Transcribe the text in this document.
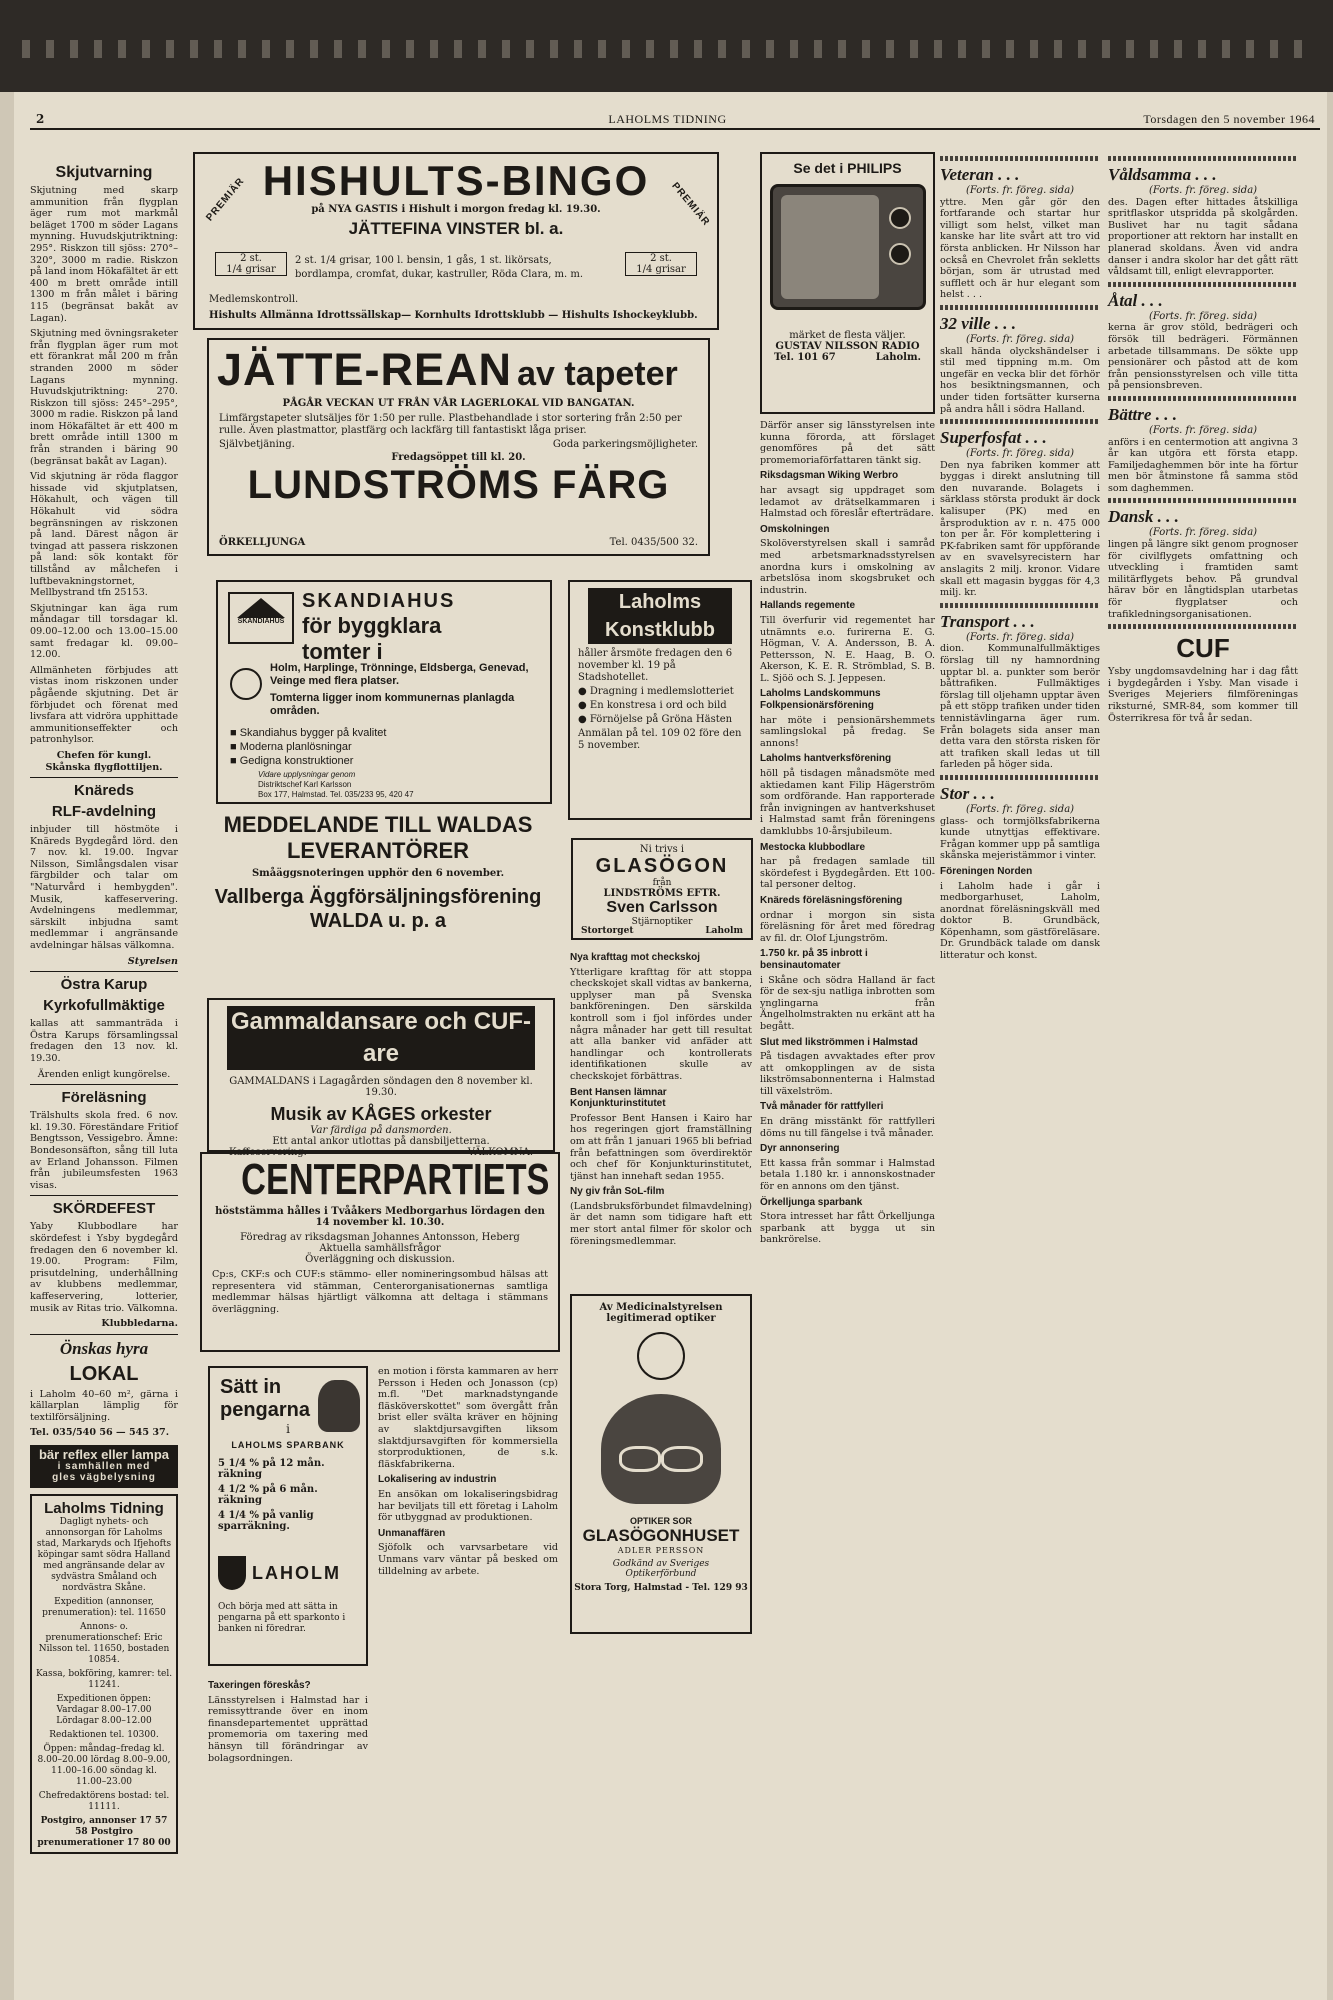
2	LAHOLMS TIDNING	Torsdagen den 5 november 1964
Skjutvarning

Skjutning med skarp ammunition från flygplan äger rum mot markmål beläget 1700 m söder Lagans mynning. Huvudskjutriktning: 295°. Riskzon till sjöss: 270°–320°, 3000 m radie. Riskzon på land inom Hökafältet är ett 400 m brett område intill 1300 m från målet i bäring 115 (begränsat bakåt av Lagan).

Skjutning med övningsraketer från flygplan äger rum mot ett förankrat mål 200 m från stranden 2000 m söder Lagans mynning. Huvudskjutriktning: 270. Riskzon till sjöss: 245°–295°, 3000 m radie. Riskzon på land inom Hökafältet är ett 400 m brett område intill 1300 m från stranden i bäring 90 (begränsat bakåt av Lagan).

Vid skjutning är röda flaggor hissade vid skjutplatsen, Hökahult, och vägen till Hökahult vid södra begränsningen av riskzonen på land. Därest någon är tvingad att passera riskzonen på land: sök kontakt för tillstånd av målchefen i luftbevakningstornet, Mellbystrand tfn 25153.

Skjutningar kan äga rum måndagar till torsdagar kl. 09.00–12.00 och 13.00–15.00 samt fredagar kl. 09.00–12.00.

Allmänheten förbjudes att vistas inom riskzonen under pågående skjutning. Det är förbjudet och förenat med livsfara att vidröra upphittade ammunitionseffekter och patronhylsor.

Chefen för kungl.
Skånska flygflottiljen.
Knäreds
RLF-avdelning

inbjuder till höstmöte i Knäreds Bygdegård lörd. den 7 nov. kl. 19.00. Ingvar Nilsson, Simlångsdalen visar färgbilder och talar om "Naturvård i hembygden". Musik, kaffeservering. Avdelningens medlemmar, särskilt inbjudna samt medlemmar i angränsande avdelningar hälsas välkomna.

Styrelsen
Östra Karup
Kyrkofullmäktige

kallas att sammanträda i Östra Karups församlingssal fredagen den 13 nov. kl. 19.30.

Ärenden enligt kungörelse.

Föreläsning

Trälshults skola fred. 6 nov. kl. 19.30. Föreständare Fritiof Bengtsson, Vessigebro. Ämne: Bondesonsäfton, sång till luta av Erland Johansson. Filmen från jubileumsfesten 1963 visas.

SKÖRDEFEST

Yaby Klubbodlare har skördefest i Ysby bygdegård fredagen den 6 november kl. 19.00. Program: Film, prisutdelning, underhållning av klubbens medlemmar, kaffeservering, lotterier, musik av Ritas trio. Välkomna.

Klubbledarna.
Önskas hyra
LOKAL

i Laholm 40–60 m², gärna i källarplan lämplig för textilförsäljning.

Tel. 035/540 56 — 545 37.

bär reflex eller lampa
i samhällen med
gles vägbelysning
Laholms Tidning
Dagligt nyhets- och annonsorgan för Laholms stad, Markaryds och Ifjehofts köpingar samt södra Halland med angränsande delar av sydvästra Småland och nordvästra Skåne.
Expedition (annonser, prenumeration): tel. 11650
Annons- o. prenumerationschef: Eric Nilsson tel. 11650, bostaden 10854.
Kassa, bokföring, kamrer: tel. 11241.
Expeditionen öppen: Vardagar 8.00–17.00 Lördagar 8.00–12.00
Redaktionen tel. 10300.
Öppen: måndag–fredag kl. 8.00–20.00 lördag 8.00–9.00, 11.00–16.00 söndag kl. 11.00–23.00
Chefredaktörens bostad: tel. 11111.
Postgiro, annonser 17 57 58 Postgiro prenumerationer 17 80 00
PREMIÄR	PREMIÄR
HISHULTS-BINGO
på NYA GASTIS i Hishult i morgon fredag kl. 19.30.
JÄTTEFINA VINSTER bl. a.
2 st.
1/4 grisar
2 st. 1/4 grisar, 100 l. bensin, 1 gås, 1 st. likörsats, bordlampa, cromfat, dukar, kastruller, Röda Clara, m. m.
2 st.
1/4 grisar
Medlemskontroll.
Hishults Allmänna Idrottssällskap— Kornhults Idrottsklubb — Hishults Ishockeyklubb.
JÄTTE-REAN av tapeter
PÅGÅR VECKAN UT FRÅN VÅR LAGERLOKAL VID BANGATAN.
Limfärgstapeter slutsäljes för 1:50 per rulle. Plastbehandlade i stor sortering från 2:50 per rulle. Även plastmattor, plastfärg och lackfärg till fantastiskt låga priser.
Självbetjäning.	Goda parkeringsmöjligheter.
Fredagsöppet till kl. 20.
LUNDSTRÖMS FÄRG
ÖRKELLJUNGA	Tel. 0435/500 32.
SKANDIAHUS
SKANDIAHUS
för byggklara
tomter i
Holm, Harplinge, Trönninge, Eldsberga, Genevad, Veinge med flera platser.
Tomterna ligger inom kommunernas planlagda områden.
■ Skandiahus bygger på kvalitet
■ Moderna planlösningar
■ Gedigna konstruktioner
Vidare upplysningar genom
Distriktschef Karl Karlsson
Box 177, Halmstad. Tel. 035/233 95, 420 47
MEDDELANDE TILL WALDAS
LEVERANTÖRER
Småäggsnoteringen upphör den 6 november.
Vallberga Äggförsäljningsförening
WALDA u. p. a
Gammaldansare och CUF-are
GAMMALDANS i Lagagården söndagen den 8 november kl. 19.30.
Musik av KÅGES orkester
Var färdiga på dansmorden.
Ett antal ankor utlottas på dansbiljetterna.
Kaffeservering.	VÄLKOMNA.
CENTERPARTIETS
höststämma hålles i Tvååkers Medborgarhus lördagen den 14 november kl. 10.30.
Föredrag av riksdagsman Johannes Antonsson, Heberg
Aktuella samhällsfrågor
Överläggning och diskussion.
Cp:s, CKF:s och CUF:s stämmo- eller nomineringsombud hälsas att representera vid stämman, Centerorganisationernas samtliga medlemmar hälsas hjärtligt välkomna att deltaga i stämmans överläggning.
Sätt in
pengarna
i
LAHOLMS SPARBANK
5 1/4 % på 12 mån. räkning
4 1/2 % på 6 mån. räkning
4 1/4 % på vanlig sparräkning.
LAHOLM
Och börja med att sätta in pengarna på ett sparkonto i banken ni föredrar.

en motion i första kammaren av herr Persson i Heden och Jonasson (cp) m.fl. "Det marknadstyngande fläsköverskottet" som övergått från brist eller svälta kräver en höjning av slaktdjursavgiften liksom slaktdjursavgiften för kommersiella storproduktionen, de s.k. fläskfabrikerna.

Lokalisering av industrin

En ansökan om lokaliseringsbidrag har beviljats till ett företag i Laholm för utbyggnad av produktionen.

Unmanaffären

Sjöfolk och varvsarbetare vid Unmans varv väntar på besked om tilldelning av arbete.

Taxeringen föreskås?

Länsstyrelsen i Halmstad har i remissyttrande över en inom finansdepartementet upprättad promemoria om taxering med hänsyn till förändringar av bolagsordningen.

Ni trivs i
GLASÖGON
från
LINDSTRÖMS EFTR.
Sven Carlsson
Stjärnoptiker
Stortorget	Laholm
Laholms Konstklubb
håller årsmöte fredagen den 6 november kl. 19 på Stadshotellet.
● Dragning i medlemslotteriet
● En konstresa i ord och bild
● Förnöjelse på Gröna Hästen
Anmälan på tel. 109 02 före den 5 november.
Nya krafttag mot checkskoj

Ytterligare krafttag för att stoppa checkskojet skall vidtas av bankerna, upplyser man på Svenska bankföreningen. Den särskilda kontroll som i fjol infördes under några månader har gett till resultat att alla banker vid anfäder att handlingar och kontrollerats identifikationen skulle av checkskojet förbättras.

Bent Hansen lämnar Konjunkturinstitutet

Professor Bent Hansen i Kairo har hos regeringen gjort framställning om att från 1 januari 1965 bli befriad från befattningen som överdirektör och chef för Konjunkturinstitutet, tjänst han innehaft sedan 1955.

Ny giv från SoL-film

(Landsbruksförbundet filmavdelning) är det namn som tidigare haft ett mer stort antal filmer för skolor och föreningsmedlemmar.

Av Medicinalstyrelsen
legitimerad optiker
OPTIKER SOR
GLASÖGONHUSET
ADLER PERSSON
Godkänd av Sveriges
Optikerförbund
Stora Torg, Halmstad - Tel. 129 93
Se det i PHILIPS
märket de flesta väljer.
GUSTAV NILSSON RADIO
Tel. 101 67	Laholm.

Därför anser sig länsstyrelsen inte kunna förorda, att förslaget genomföres på det sätt promemoriaförfattaren tänkt sig.

Riksdagsman Wiking Werbro

har avsagt sig uppdraget som ledamot av drätselkammaren i Halmstad och föreslår efterträdare.

Omskolningen

Skolöverstyrelsen skall i samråd med arbetsmarknadsstyrelsen anordna kurs i omskolning av arbetslösa inom skogsbruket och industrin.

Hallands regemente

Till överfurir vid regementet har utnämnts e.o. furirerna E. G. Högman, V. A. Andersson, B. A. Pettersson, N. E. Haag, B. O. Akerson, K. E. R. Strömblad, S. B. L. Sjöö och S. J. Jeppesen.

Laholms Landskommuns Folkpensionärsförening

har möte i pensionärshemmets samlingslokal på fredag. Se annons!

Laholms hantverksförening

höll på tisdagen månadsmöte med aktiedamen kant Filip Hägerström som ordförande. Han rapporterade från invigningen av hantverkshuset i Halmstad samt från föreningens damklubbs 10-årsjubileum.

Mestocka klubbodlare

har på fredagen samlade till skördefest i Bygdegården. Ett 100-tal personer deltog.

Knäreds föreläsningsförening

ordnar i morgon sin sista föreläsning för året med föredrag av fil. dr. Olof Ljungström.

1.750 kr. på 35 inbrott i bensinautomater

i Skåne och södra Halland är fact för de sex-sju natliga inbrotten som ynglingarna från Ängelholmstrakten nu erkänt att ha begått.

Slut med likströmmen i Halmstad

På tisdagen avvaktades efter prov att omkopplingen av de sista likströmsabonnenterna i Halmstad till växelström.

Två månader för rattfylleri

En dräng misstänkt för rattfylleri döms nu till fängelse i två månader.

Dyr annonsering

Ett kassa från sommar i Halmstad betala 1.180 kr. i annonskostnader för en annons om den tjänst.

Örkelljunga sparbank

Stora intresset har fått Örkelljunga sparbank att bygga ut sin bankrörelse.

Veteran . . .
(Forts. fr. föreg. sida)

yttre. Men går gör den fortfarande och startar hur villigt som helst, vilket man kanske har lite svårt att tro vid första anblicken. Hr Nilsson har också en Chevrolet från sekletts början, som är utrustad med sufflett och är hur elegant som helst . . .

32 ville . . .
(Forts. fr. föreg. sida)

skall hända olyckshändelser i stil med tippning m.m. Om ungefär en vecka blir det förhör hos besiktningsmannen, och under tiden fortsätter kurserna på andra håll i södra Halland.

Superfosfat . . .
(Forts. fr. föreg. sida)

Den nya fabriken kommer att byggas i direkt anslutning till den nuvarande. Bolagets i särklass största produkt är dock kalisuper (PK) med en årsproduktion av r. n. 475 000 ton per år. För komplettering i PK-fabriken samt för uppförande av en svavelsyrecistern har anslagits 2 milj. kronor. Vidare skall ett magasin byggas för 4,3 milj. kr.

Transport . . .
(Forts. fr. föreg. sida)

dion. Kommunalfullmäktiges förslag till ny hamnordning upptar bl. a. punkter som berör båttrafiken. Fullmäktiges förslag till oljehamn upptar även på ett stöpp trafiken under tiden tennistävlingarna äger rum. Från bolagets sida anser man detta vara den största risken för att trafiken skall ledas ut till farleden på höger sida.

Stor . . .
(Forts. fr. föreg. sida)

glass- och tormjölksfabrikerna kunde utnyttjas effektivare. Frågan kommer upp på samtliga skånska mejeristämmor i vinter.

Föreningen Norden

i Laholm hade i går i medborgarhuset, Laholm, anordnat föreläsningskväll med doktor B. Grundbäck, Köpenhamn, som gästföreläsare. Dr. Grundbäck talade om dansk litteratur och konst.

Våldsamma . . .
(Forts. fr. föreg. sida)

des. Dagen efter hittades åtskilliga spritflaskor utspridda på skolgården. Buslivet har nu tagit sådana proportioner att rektorn har installt en planerad skoldans. Även vid andra danser i andra skolor har det gått rätt våldsamt till, enligt elevrapporter.

Åtal . . .
(Forts. fr. föreg. sida)

kerna är grov stöld, bedrägeri och försök till bedrägeri. Förmännen arbetade tillsammans. De sökte upp pensionärer och påstod att de kom från pensionsstyrelsen och ville titta på pensionsbreven.

Bättre . . .
(Forts. fr. föreg. sida)

anförs i en centermotion att angivna 3 år kan utgöra ett första etapp. Familjedaghemmen bör inte ha förtur men bör åtminstone få samma stöd som daghemmen.

Dansk . . .
(Forts. fr. föreg. sida)

lingen på längre sikt genom prognoser för civilflygets omfattning och utveckling i framtiden samt militärflygets behov. På grundval härav bör en långtidsplan utarbetas för flygplatser och trafikledningsorganisationen.

CUF

Ysby ungdomsavdelning har i dag fått i bygdegården i Ysby. Man visade i Sveriges Mejeriers filmföreningas riksturné, SMR-84, som kommer till Österrikresa för två år sedan.
